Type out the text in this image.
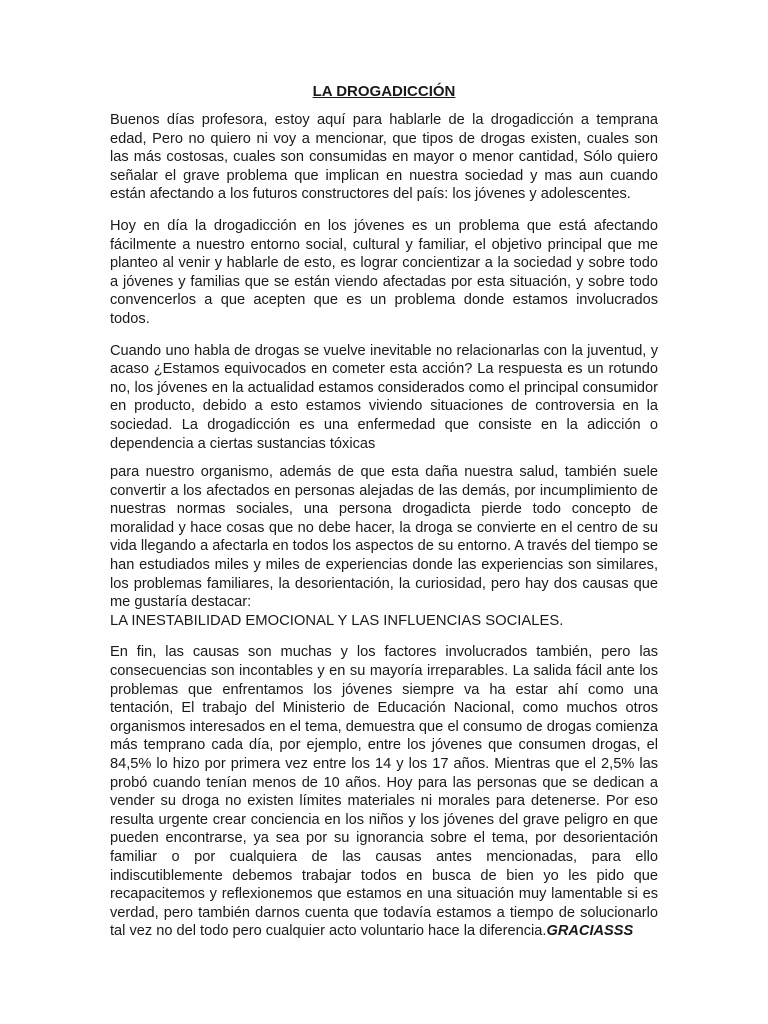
LA DROGADICCIÓN

Buenos días profesora, estoy aquí para hablarle de la drogadicción a temprana edad, Pero no quiero ni voy a mencionar, que tipos de drogas existen, cuales son las más costosas, cuales son consumidas en mayor o menor cantidad, Sólo quiero señalar el grave problema que implican en nuestra sociedad y mas aun cuando están afectando a los futuros constructores del país: los jóvenes y adolescentes.

Hoy en día la drogadicción en los jóvenes es un problema que está afectando fácilmente a nuestro entorno social, cultural y familiar, el objetivo principal que me planteo al venir y hablarle de esto, es lograr concientizar a la sociedad y sobre todo a jóvenes y familias que se están viendo afectadas por esta situación, y sobre todo convencerlos a que acepten que es un problema donde estamos involucrados todos.

Cuando uno habla de drogas se vuelve inevitable no relacionarlas con la juventud, y acaso ¿Estamos equivocados en cometer esta acción? La respuesta es un rotundo no, los jóvenes en la actualidad estamos considerados como el principal consumidor en producto, debido a esto estamos viviendo situaciones de controversia en la sociedad. La drogadicción es una enfermedad que consiste en la adicción o dependencia a ciertas sustancias tóxicas

para nuestro organismo, además de que esta daña nuestra salud, también suele convertir a los afectados en personas alejadas de las demás, por incumplimiento de nuestras normas sociales, una persona drogadicta pierde todo concepto de moralidad y hace cosas que no debe hacer, la droga se convierte en el centro de su vida llegando a afectarla en todos los aspectos de su entorno. A través del tiempo se han estudiados miles y miles de experiencias donde las experiencias son similares, los problemas familiares, la desorientación, la curiosidad, pero hay dos causas que me gustaría destacar:
LA INESTABILIDAD EMOCIONAL Y LAS INFLUENCIAS SOCIALES.

En fin, las causas son muchas y los factores involucrados también, pero las consecuencias son incontables y en su mayoría irreparables. La salida fácil ante los problemas que enfrentamos los jóvenes siempre va ha estar ahí como una tentación, El trabajo del Ministerio de Educación Nacional, como muchos otros organismos interesados en el tema, demuestra que el consumo de drogas comienza más temprano cada día, por ejemplo, entre los jóvenes que consumen drogas, el 84,5% lo hizo por primera vez entre los 14 y los 17 años. Mientras que el 2,5% las probó cuando tenían menos de 10 años. Hoy para las personas que se dedican a vender su droga no existen límites materiales ni morales para detenerse. Por eso resulta urgente crear conciencia en los niños y los jóvenes del grave peligro en que pueden encontrarse, ya sea por su ignorancia sobre el tema, por desorientación familiar o por cualquiera de las causas antes mencionadas, para ello indiscutiblemente debemos trabajar todos en busca de bien yo les pido que recapacitemos y reflexionemos que estamos en una situación muy lamentable si es verdad, pero también darnos cuenta que todavía estamos a tiempo de solucionarlo tal vez no del todo pero cualquier acto voluntario hace la diferencia.GRACIASSS
